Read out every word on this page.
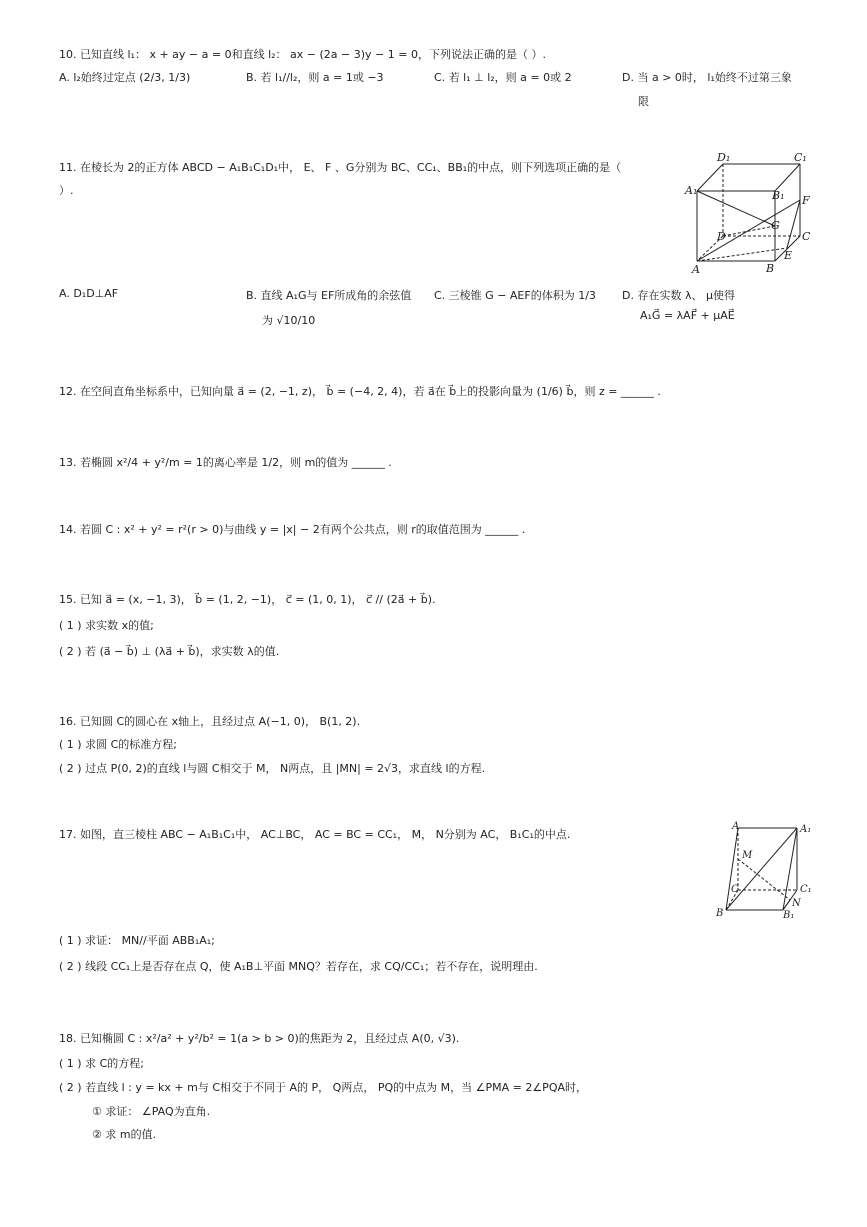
10. 已知直线 l₁： x + ay − a = 0和直线 l₂： ax − (2a − 3)y − 1 = 0，下列说法正确的是（ ）.
A. l₂始终过定点 (2/3, 1/3)	B. 若 l₁//l₂，则 a = 1或 −3	C. 若 l₁ ⊥ l₂，则 a = 0或 2	D. 当 a > 0时， l₁始终不过第三象
限
11. 在棱长为 2的正方体 ABCD − A₁B₁C₁D₁中， E、 F 、G分别为 BC、CC₁、BB₁的中点，则下列选项正确的是（
）.
D₁	C₁
A₁	B₁ F
G
D	C
A	B
E
A. D₁D⊥AF	B. 直线 A₁G与 EF所成角的余弦值
为 √10/10
C. 三棱锥 G − AEF的体积为 1/3 D. 存在实数 λ、 μ使得
A₁G⃗ = λAF⃗ + μAE⃗
12. 在空间直角坐标系中，已知向量 a⃗ = (2, −1, z)， b⃗ = (−4, 2, 4)，若 a⃗在 b⃗上的投影向量为 (1/6) b⃗，则 z = ______ .
13. 若椭圆 x²/4 + y²/m = 1的离心率是 1/2，则 m的值为 ______ .
14. 若圆 C : x² + y² = r²(r > 0)与曲线 y = |x| − 2有两个公共点，则 r的取值范围为 ______ .
15. 已知 a⃗ = (x, −1, 3)， b⃗ = (1, 2, −1)， c⃗ = (1, 0, 1)， c⃗ // (2a⃗ + b⃗).
( 1 ) 求实数 x的值;
( 2 ) 若 (a⃗ − b⃗) ⊥ (λa⃗ + b⃗)，求实数 λ的值.
16. 已知圆 C的圆心在 x轴上，且经过点 A(−1, 0)， B(1, 2).
( 1 ) 求圆 C的标准方程;
( 2 ) 过点 P(0, 2)的直线 l与圆 C相交于 M， N两点，且 |MN| = 2√3，求直线 l的方程.
17. 如图，直三棱柱 ABC − A₁B₁C₁中， AC⊥BC， AC = BC = CC₁， M， N分别为 AC， B₁C₁的中点.
A	A₁
M
C	C₁
N
B	B₁
( 1 ) 求证： MN//平面 ABB₁A₁;
( 2 ) 线段 CC₁上是否存在点 Q，使 A₁B⊥平面 MNQ？若存在，求 CQ/CC₁；若不存在，说明理由.
18. 已知椭圆 C : x²/a² + y²/b² = 1(a > b > 0)的焦距为 2，且经过点 A(0, √3).
( 1 ) 求 C的方程;
( 2 ) 若直线 l : y = kx + m与 C相交于不同于 A的 P， Q两点， PQ的中点为 M，当 ∠PMA = 2∠PQA时，
① 求证： ∠PAQ为直角.
② 求 m的值.
